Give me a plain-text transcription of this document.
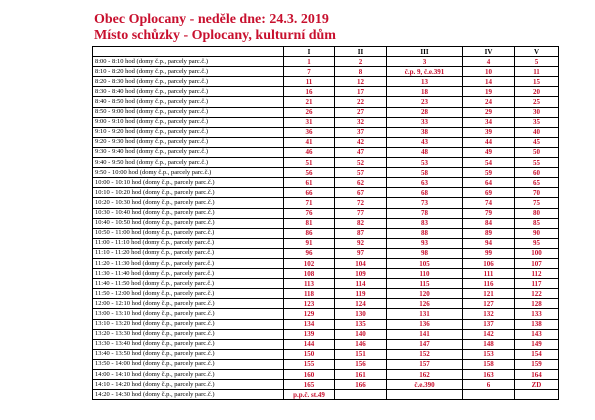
Obec Oplocany - neděle dne: 24.3. 2019
Místo schůzky - Oplocany, kulturní dům
	I	II	III	IV	V
8:00 - 8:10 hod (domy č.p., parcely parc.č.)	1	2	3	4	5
8:10 - 8:20 hod (domy č.p., parcely parc.č.)	7	8	č.p. 9, č.e.391	10	11
8:20 - 8:30 hod (domy č.p., parcely parc.č.)	11	12	13	14	15
8:30 - 8:40 hod (domy č.p., parcely parc.č.)	16	17	18	19	20
8:40 - 8:50 hod (domy č.p., parcely parc.č.)	21	22	23	24	25
8:50 - 9:00 hod (domy č.p., parcely parc.č.)	26	27	28	29	30
9:00 - 9:10 hod (domy č.p., parcely parc.č.)	31	32	33	34	35
9:10 - 9:20 hod (domy č.p., parcely parc.č.)	36	37	38	39	40
9:20 - 9:30 hod (domy č.p., parcely parc.č.)	41	42	43	44	45
9:30 - 9:40 hod (domy č.p., parcely parc.č.)	46	47	48	49	50
9:40 - 9:50 hod (domy č.p., parcely parc.č.)	51	52	53	54	55
9:50 - 10:00 hod (domy č.p., parcely parc.č.)	56	57	58	59	60
10:00 - 10:10 hod (domy č.p., parcely parc.č.)	61	62	63	64	65
10:10 - 10:20 hod (domy č.p., parcely parc.č.)	66	67	68	69	70
10:20 - 10:30 hod (domy č.p., parcely parc.č.)	71	72	73	74	75
10:30 - 10:40 hod (domy č.p., parcely parc.č.)	76	77	78	79	80
10:40 - 10:50 hod (domy č.p., parcely parc.č.)	81	82	83	84	85
10:50 - 11:00 hod (domy č.p., parcely parc.č.)	86	87	88	89	90
11:00 - 11:10 hod (domy č.p., parcely parc.č.)	91	92	93	94	95
11:10 - 11:20 hod (domy č.p., parcely parc.č.)	96	97	98	99	100
11:20 - 11:30 hod (domy č.p., parcely parc.č.)	102	104	105	106	107
11:30 - 11:40 hod (domy č.p., parcely parc.č.)	108	109	110	111	112
11:40 - 11:50 hod (domy č.p., parcely parc.č.)	113	114	115	116	117
11:50 - 12:00 hod (domy č.p., parcely parc.č.)	118	119	120	121	122
12:00 - 12:10 hod (domy č.p., parcely parc.č.)	123	124	126	127	128
13:00 - 13:10 hod (domy č.p., parcely parc.č.)	129	130	131	132	133
13:10 - 13:20 hod (domy č.p., parcely parc.č.)	134	135	136	137	138
13:20 - 13:30 hod (domy č.p., parcely parc.č.)	139	140	141	142	143
13:30 - 13:40 hod (domy č.p., parcely parc.č.)	144	146	147	148	149
13:40 - 13:50 hod (domy č.p., parcely parc.č.)	150	151	152	153	154
13:50 - 14:00 hod (domy č.p., parcely parc.č.)	155	156	157	158	159
14:00 - 14:10 hod (domy č.p., parcely parc.č.)	160	161	162	163	164
14:10 - 14:20 hod (domy č.p., parcely parc.č.)	165	166	č.e.390	6	ZD
14:20 - 14:30 hod (domy č.p., parcely parc.č.)	p.p.č. st.49				
